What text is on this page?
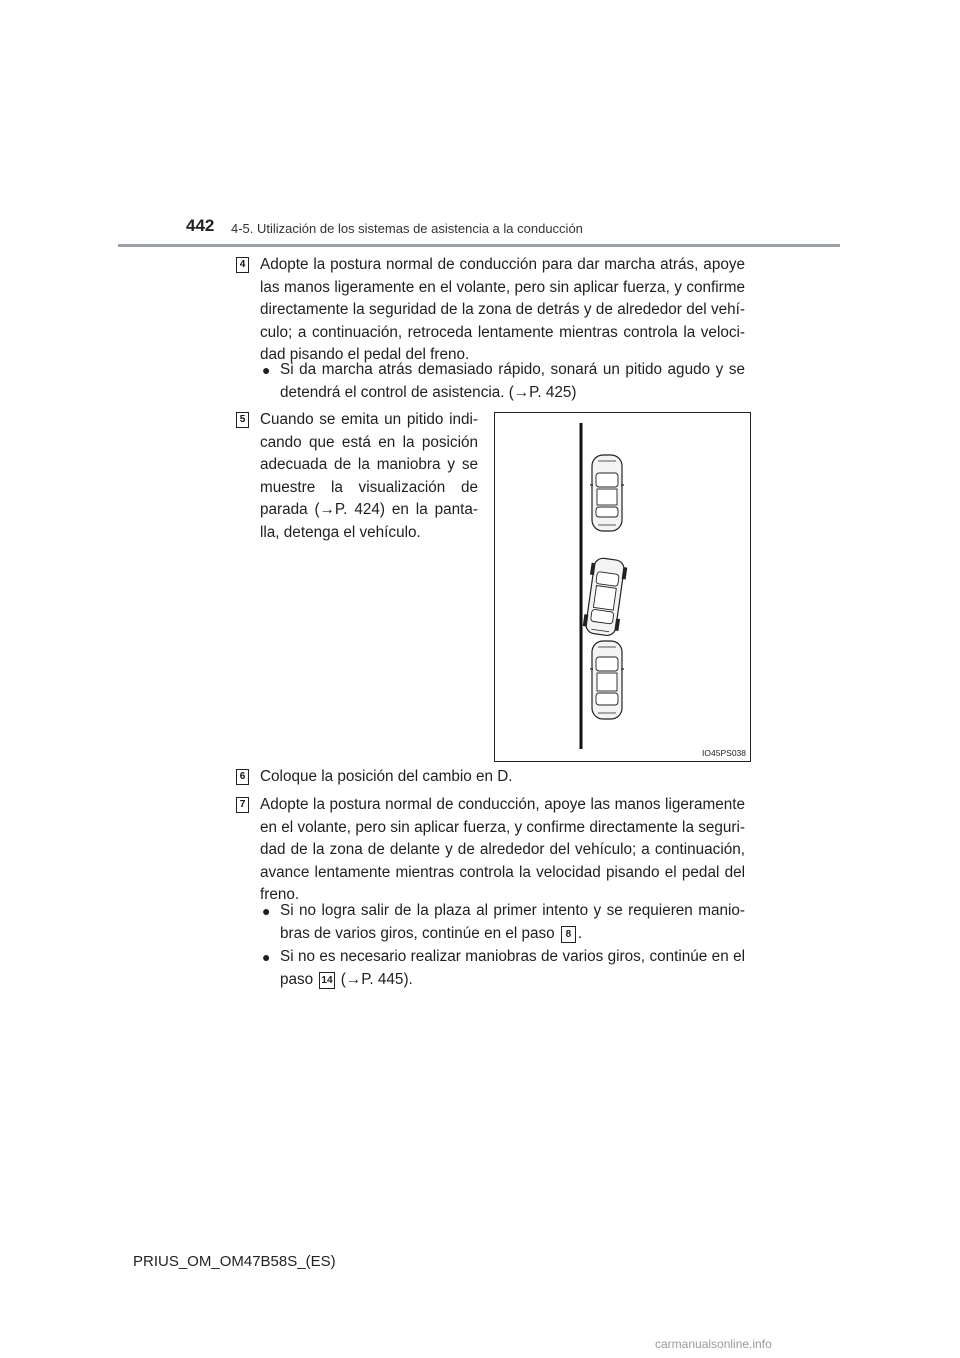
442 4-5. Utilización de los sistemas de asistencia a la conducción
4 Adopte la postura normal de conducción para dar marcha atrás, apoye las manos ligeramente en el volante, pero sin aplicar fuerza, y confirme directamente la seguridad de la zona de detrás y de alrededor del vehí-culo; a continuación, retroceda lentamente mientras controla la veloci-dad pisando el pedal del freno.

● Si da marcha atrás demasiado rápido, sonará un pitido agudo y se detendrá el control de asistencia. (→P. 425)
5 Cuando se emita un pitido indi-cando que está en la posición adecuada de la maniobra y se muestre la visualización de parada (→P. 424) en la panta-lla, detenga el vehículo.

IO45PS038
6 Coloque la posición del cambio en D.

7 Adopte la postura normal de conducción, apoye las manos ligeramente en el volante, pero sin aplicar fuerza, y confirme directamente la seguri-dad de la zona de delante y de alrededor del vehículo; a continuación, avance lentamente mientras controla la velocidad pisando el pedal del freno.

● Si no logra salir de la plaza al primer intento y se requieren manio-bras de varios giros, continúe en el paso 8 .
● Si no es necesario realizar maniobras de varios giros, continúe en el paso 14 (→P. 445).
PRIUS_OM_OM47B58S_(ES)
carmanualsonline.info
